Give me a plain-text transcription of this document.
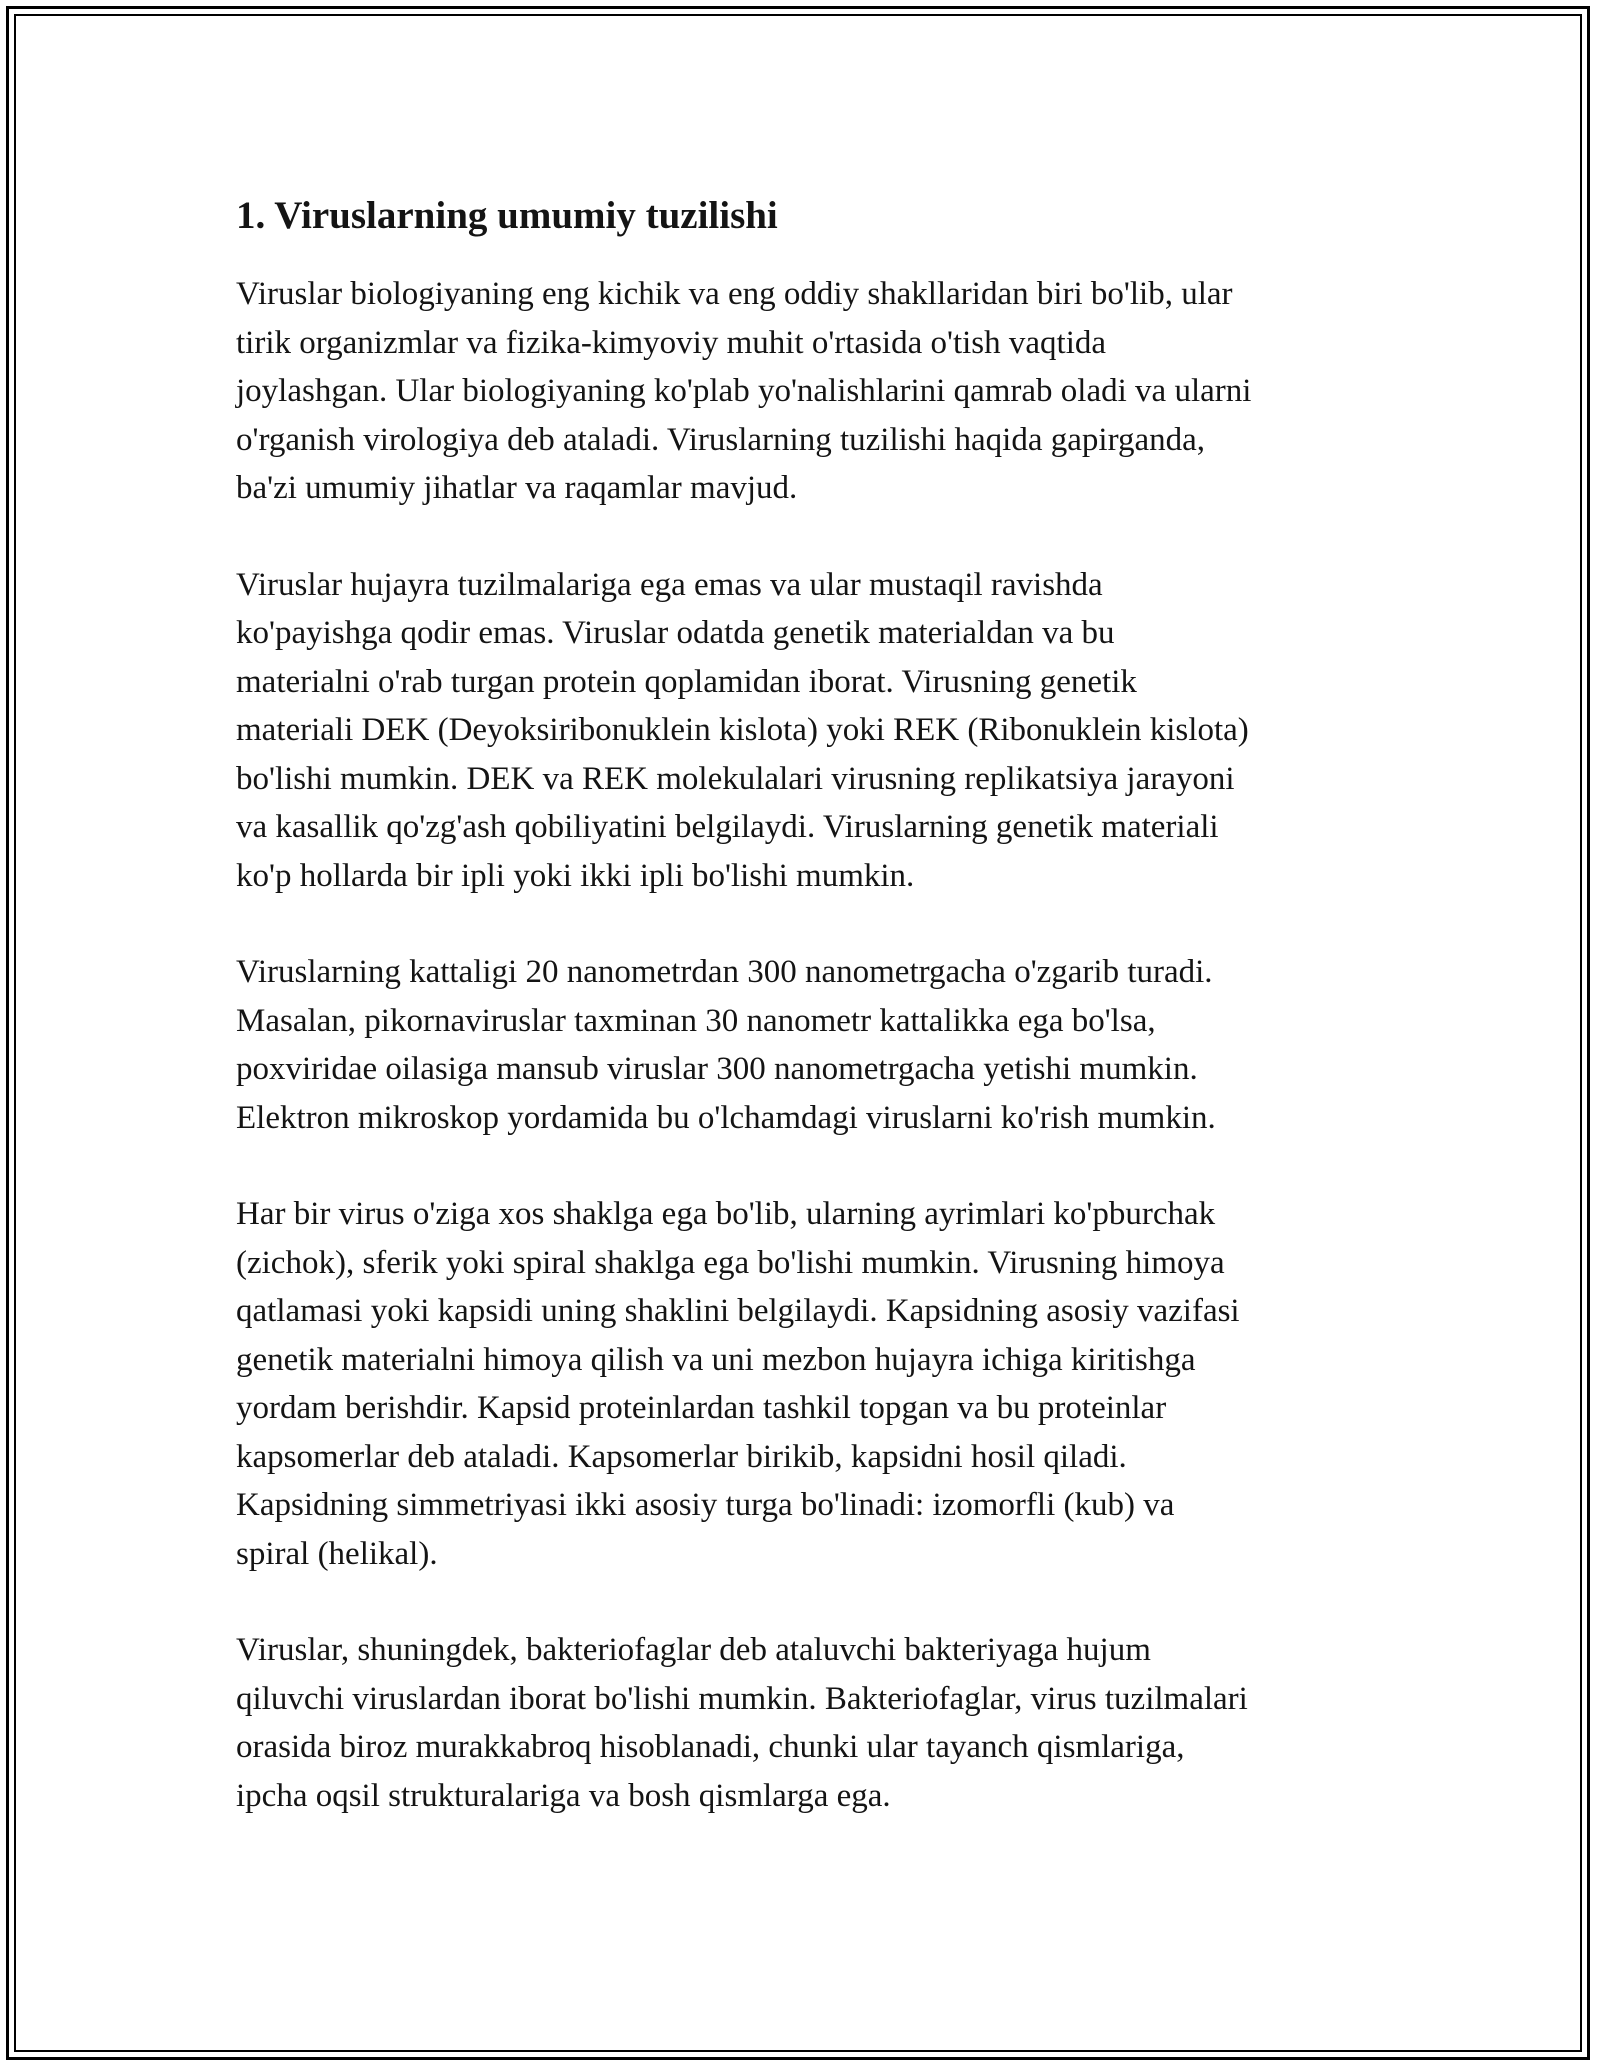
1. Viruslarning umumiy tuzilishi
Viruslar biologiyaning eng kichik va eng oddiy shakllaridan biri bo'lib, ular
tirik organizmlar va fizika-kimyoviy muhit o'rtasida o'tish vaqtida
joylashgan. Ular biologiyaning ko'plab yo'nalishlarini qamrab oladi va ularni
o'rganish virologiya deb ataladi. Viruslarning tuzilishi haqida gapirganda,
ba'zi umumiy jihatlar va raqamlar mavjud.
Viruslar hujayra tuzilmalariga ega emas va ular mustaqil ravishda
ko'payishga qodir emas. Viruslar odatda genetik materialdan va bu
materialni o'rab turgan protein qoplamidan iborat. Virusning genetik
materiali DEK (Deyoksiribonuklein kislota) yoki REK (Ribonuklein kislota)
bo'lishi mumkin. DEK va REK molekulalari virusning replikatsiya jarayoni
va kasallik qo'zg'ash qobiliyatini belgilaydi. Viruslarning genetik materiali
ko'p hollarda bir ipli yoki ikki ipli bo'lishi mumkin.
Viruslarning kattaligi 20 nanometrdan 300 nanometrgacha o'zgarib turadi.
Masalan, pikornaviruslar taxminan 30 nanometr kattalikka ega bo'lsa,
poxviridae oilasiga mansub viruslar 300 nanometrgacha yetishi mumkin.
Elektron mikroskop yordamida bu o'lchamdagi viruslarni ko'rish mumkin.
Har bir virus o'ziga xos shaklga ega bo'lib, ularning ayrimlari ko'pburchak
(zichok), sferik yoki spiral shaklga ega bo'lishi mumkin. Virusning himoya
qatlamasi yoki kapsidi uning shaklini belgilaydi. Kapsidning asosiy vazifasi
genetik materialni himoya qilish va uni mezbon hujayra ichiga kiritishga
yordam berishdir. Kapsid proteinlardan tashkil topgan va bu proteinlar
kapsomerlar deb ataladi. Kapsomerlar birikib, kapsidni hosil qiladi.
Kapsidning simmetriyasi ikki asosiy turga bo'linadi: izomorfli (kub) va
spiral (helikal).
Viruslar, shuningdek, bakteriofaglar deb ataluvchi bakteriyaga hujum
qiluvchi viruslardan iborat bo'lishi mumkin. Bakteriofaglar, virus tuzilmalari
orasida biroz murakkabroq hisoblanadi, chunki ular tayanch qismlariga,
ipcha oqsil strukturalariga va bosh qismlarga ega.
